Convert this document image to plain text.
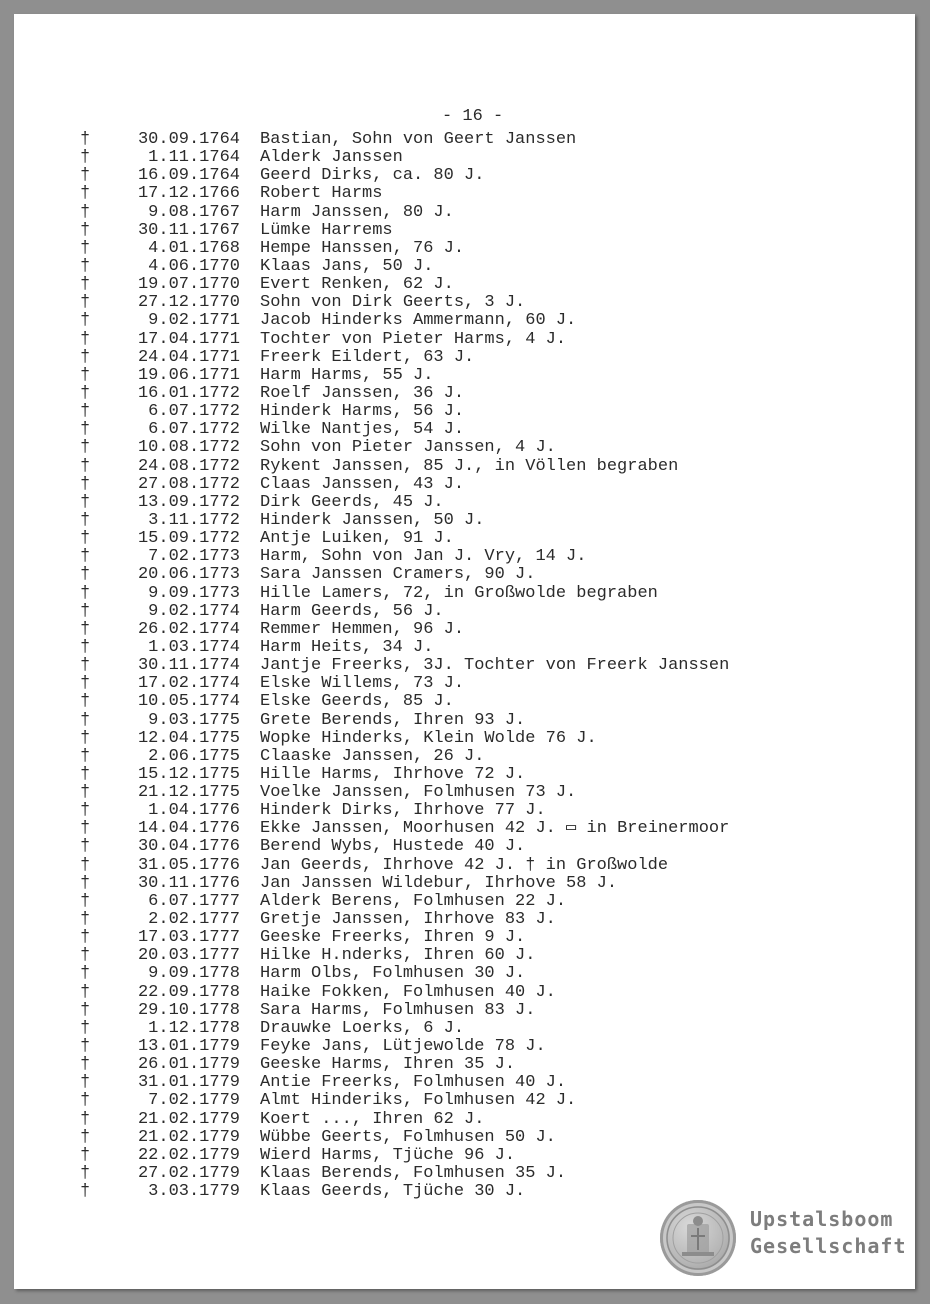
- 16 -
†	30.09.1764 Bastian, Sohn von Geert Janssen
†	1.11.1764 Alderk Janssen
†	16.09.1764 Geerd Dirks, ca. 80 J.
†	17.12.1766 Robert Harms
†	9.08.1767 Harm Janssen, 80 J.
†	30.11.1767 Lümke Harrems
†	4.01.1768 Hempe Hanssen, 76 J.
†	4.06.1770 Klaas Jans, 50 J.
†	19.07.1770 Evert Renken, 62 J.
†	27.12.1770 Sohn von Dirk Geerts, 3 J.
†	9.02.1771 Jacob Hinderks Ammermann, 60 J.
†	17.04.1771 Tochter von Pieter Harms, 4 J.
†	24.04.1771 Freerk Eildert, 63 J.
†	19.06.1771 Harm Harms, 55 J.
†	16.01.1772 Roelf Janssen, 36 J.
†	6.07.1772 Hinderk Harms, 56 J.
†	6.07.1772 Wilke Nantjes, 54 J.
†	10.08.1772 Sohn von Pieter Janssen, 4 J.
†	24.08.1772 Rykent Janssen, 85 J., in Völlen begraben
†	27.08.1772 Claas Janssen, 43 J.
†	13.09.1772 Dirk Geerds, 45 J.
†	3.11.1772 Hinderk Janssen, 50 J.
†	15.09.1772 Antje Luiken, 91 J.
†	7.02.1773 Harm, Sohn von Jan J. Vry, 14 J.
†	20.06.1773 Sara Janssen Cramers, 90 J.
†	9.09.1773 Hille Lamers, 72, in Großwolde begraben
†	9.02.1774 Harm Geerds, 56 J.
†	26.02.1774 Remmer Hemmen, 96 J.
†	1.03.1774 Harm Heits, 34 J.
†	30.11.1774 Jantje Freerks, 3J. Tochter von Freerk Janssen
†	17.02.1774 Elske Willems, 73 J.
†	10.05.1774 Elske Geerds, 85 J.
†	9.03.1775 Grete Berends, Ihren 93 J.
†	12.04.1775 Wopke Hinderks, Klein Wolde 76 J.
†	2.06.1775 Claaske Janssen, 26 J.
†	15.12.1775 Hille Harms, Ihrhove 72 J.
†	21.12.1775 Voelke Janssen, Folmhusen 73 J.
†	1.04.1776 Hinderk Dirks, Ihrhove 77 J.
†	14.04.1776 Ekke Janssen, Moorhusen 42 J. ▭ in Breinermoor
†	30.04.1776 Berend Wybs, Hustede 40 J.
†	31.05.1776 Jan Geerds, Ihrhove 42 J. † in Großwolde
†	30.11.1776 Jan Janssen Wildebur, Ihrhove 58 J.
†	6.07.1777 Alderk Berens, Folmhusen 22 J.
†	2.02.1777 Gretje Janssen, Ihrhove 83 J.
†	17.03.1777 Geeske Freerks, Ihren 9 J.
†	20.03.1777 Hilke H.nderks, Ihren 60 J.
†	9.09.1778 Harm Olbs, Folmhusen 30 J.
†	22.09.1778 Haike Fokken, Folmhusen 40 J.
†	29.10.1778 Sara Harms, Folmhusen 83 J.
†	1.12.1778 Drauwke Loerks, 6 J.
†	13.01.1779 Feyke Jans, Lütjewolde 78 J.
†	26.01.1779 Geeske Harms, Ihren 35 J.
†	31.01.1779 Antie Freerks, Folmhusen 40 J.
†	7.02.1779 Almt Hinderiks, Folmhusen 42 J.
†	21.02.1779 Koert ..., Ihren 62 J.
†	21.02.1779 Wübbe Geerts, Folmhusen 50 J.
†	22.02.1779 Wierd Harms, Tjüche 96 J.
†	27.02.1779 Klaas Berends, Folmhusen 35 J.
†	3.03.1779 Klaas Geerds, Tjüche 30 J.
Upstalsboom
Gesellschaft
